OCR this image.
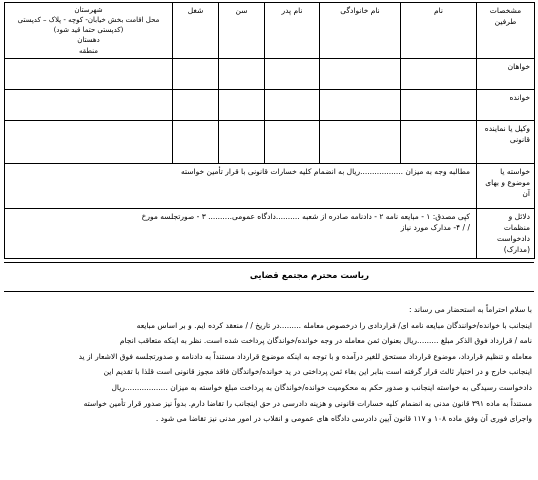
مشخصات طرفین	نام	نام خانوادگی	نام پدر	سن	شغل	شهرستان
محل اقامت بخش خیابان- کوچه - پلاک – کدپستی (کدپستی حتما قید شود)
دهستان
منطقه

خواهان						
خوانده						
وکیل یا نماینده قانونی						
خواسته یا موضوع و بهای آن	مطالبه وجه به میزان ..................ریال به انضمام کلیه خسارات قانونی با قرار تأمین خواسته					
دلائل و منظمات دادخواست (مدارک)	کپی مصدق: ۱ - مبایعه نامه ۲ - دادنامه صادره از شعبه ..........دادگاه عمومی.......... ۳ - صورتجلسه مورخ
/ / ۴- مدارک مورد نیاز					
ریاست محترم مجتمع قضایی

با سلام احتراماً به استحضار می رساند :

اینجانب با خوانده/خوانندگان مبایعه نامه ای/ قراردادی را درخصوص معامله .........در تاریخ / / منعقد کرده ایم. و بر اساس مبایعه

نامه / قرارداد فوق الذکر مبلغ .........ریال بعنوان ثمن معامله در وجه خوانده/خواندگان پرداخت شده است. نظر به اینکه متعاقب انجام

معامله و تنظیم قرارداد، موضوع قرارداد مستحق للغیر درآمده و با توجه به اینکه موضوع قرارداد مستنداً به دادنامه و صدورتجلسه فوق الاشعار از ید

اینجانب خارج و در اختیار ثالث قرار گرفته است بنابر این بقاء ثمن پرداختی در ید خوانده/خواندگان فاقد مجوز قانونی است قلذا با تقدیم این

دادخواست رسیدگی به خواسته اینجانب و صدور حکم به محکومیت خوانده/خواندگان به پرداخت مبلغ خواسته به میزان ..................ریال

مستنداً به ماده ۳۹۱ قانون مدنی به انضمام کلیه خسارات قانونی و هزینه دادرسی در حق اینجانب را تقاضا دارم. بدواً نیز صدور قرار تأمین خواسته

واجرای فوری آن وفق ماده ۱۰۸ و ۱۱۷ قانون آیین دادرسی دادگاه های عمومی و انقلاب در امور مدنی نیز تقاضا می شود .
